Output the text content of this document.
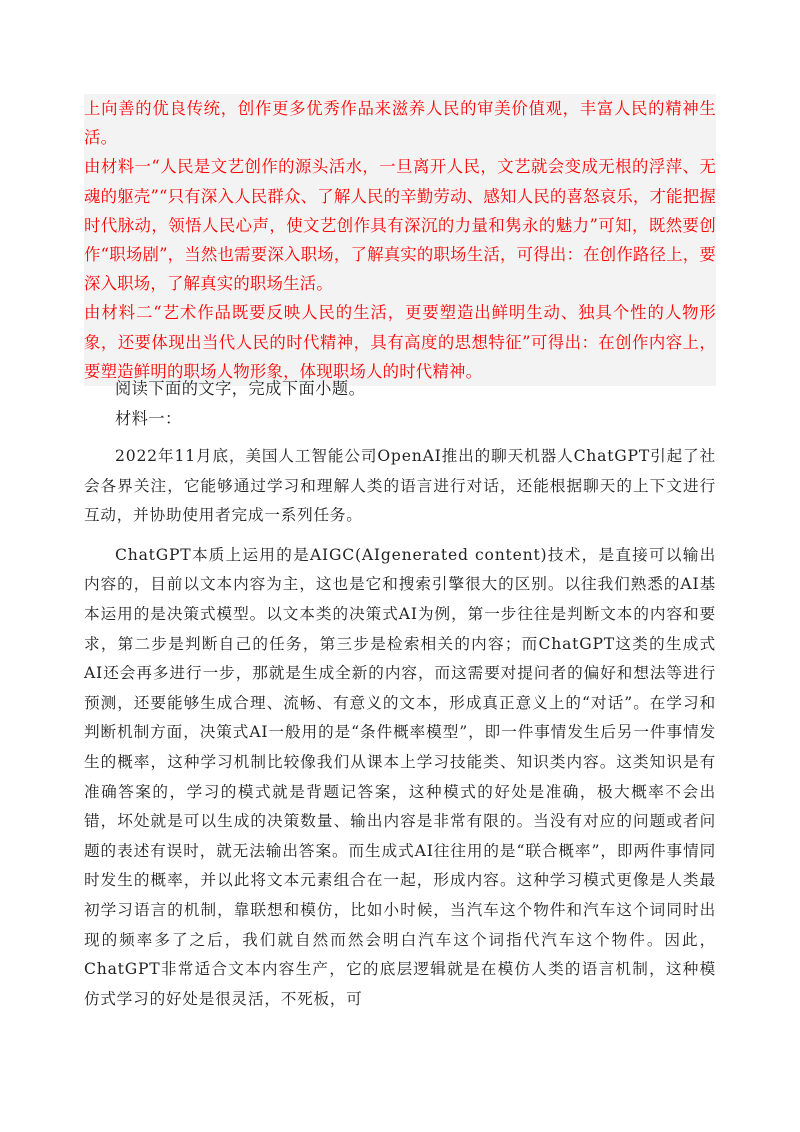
上向善的优良传统，创作更多优秀作品来滋养人民的审美价值观，丰富人民的精神生活。

由材料一“人民是文艺创作的源头活水，一旦离开人民，文艺就会变成无根的浮萍、无魂的躯壳”“只有深入人民群众、了解人民的辛勤劳动、感知人民的喜怒哀乐，才能把握时代脉动，领悟人民心声，使文艺创作具有深沉的力量和隽永的魅力”可知，既然要创作“职场剧”，当然也需要深入职场，了解真实的职场生活，可得出：在创作路径上，要深入职场，了解真实的职场生活。

由材料二“艺术作品既要反映人民的生活，更要塑造出鲜明生动、独具个性的人物形象，还要体现出当代人民的时代精神，具有高度的思想特征”可得出：在创作内容上，要塑造鲜明的职场人物形象，体现职场人的时代精神。

阅读下面的文字，完成下面小题。

材料一：

2022年11月底，美国人工智能公司OpenAI推出的聊天机器人ChatGPT引起了社会各界关注，它能够通过学习和理解人类的语言进行对话，还能根据聊天的上下文进行互动，并协助使用者完成一系列任务。

ChatGPT本质上运用的是AIGC(AIgenerated content)技术，是直接可以输出内容的，目前以文本内容为主，这也是它和搜索引擎很大的区别。以往我们熟悉的AI基本运用的是决策式模型。以文本类的决策式AI为例，第一步往往是判断文本的内容和要求，第二步是判断自己的任务，第三步是检索相关的内容；而ChatGPT这类的生成式AI还会再多进行一步，那就是生成全新的内容，而这需要对提问者的偏好和想法等进行预测，还要能够生成合理、流畅、有意义的文本，形成真正意义上的“对话”。在学习和判断机制方面，决策式AI一般用的是“条件概率模型”，即一件事情发生后另一件事情发生的概率，这种学习机制比较像我们从课本上学习技能类、知识类内容。这类知识是有准确答案的，学习的模式就是背题记答案，这种模式的好处是准确，极大概率不会出错，坏处就是可以生成的决策数量、输出内容是非常有限的。当没有对应的问题或者问题的表述有误时，就无法输出答案。而生成式AI往往用的是“联合概率”，即两件事情同时发生的概率，并以此将文本元素组合在一起，形成内容。这种学习模式更像是人类最初学习语言的机制，靠联想和模仿，比如小时候，当汽车这个物件和汽车这个词同时出现的频率多了之后，我们就自然而然会明白汽车这个词指代汽车这个物件。因此，ChatGPT非常适合文本内容生产，它的底层逻辑就是在模仿人类的语言机制，这种模仿式学习的好处是很灵活，不死板，可
